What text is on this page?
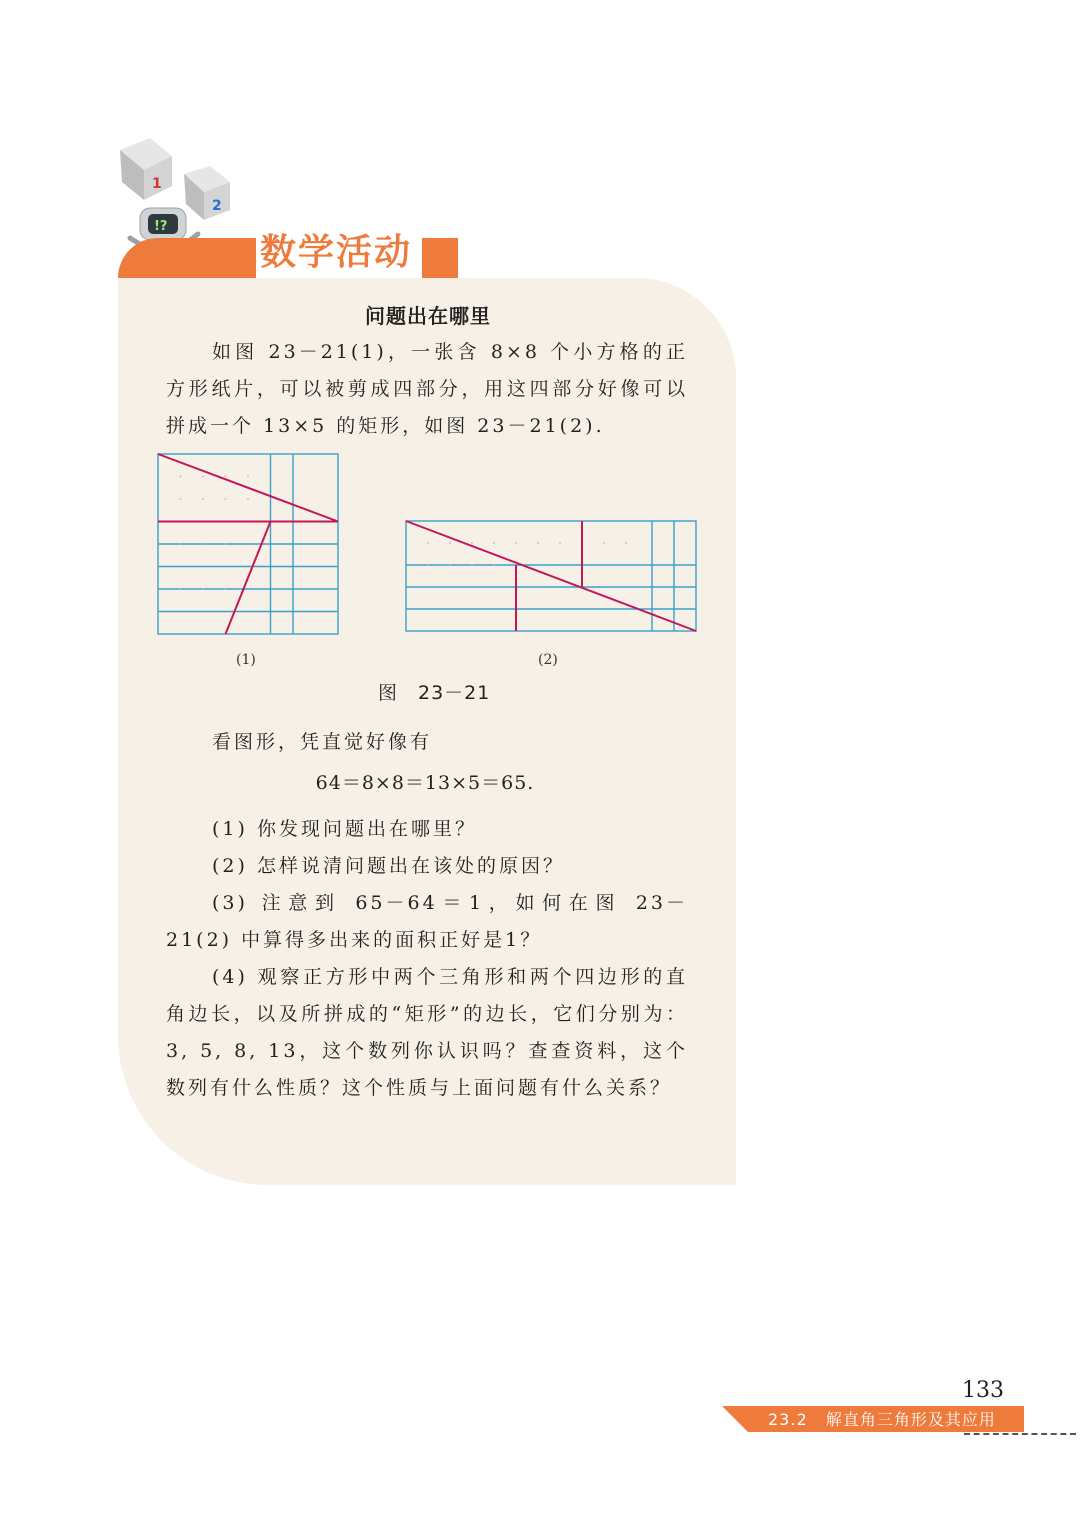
1
2
!?
数学活动
问题出在哪里

如图 23－21(1)，一张含 8×8 个小方格的正方形纸片，可以被剪成四部分，用这四部分好像可以拼成一个 13×5 的矩形，如图 23－21(2).

(1)	(2)
图　23－21

看图形，凭直觉好像有

64＝8×8＝13×5＝65.

(1) 你发现问题出在哪里？

(2) 怎样说清问题出在该处的原因？

(3) 注意到 65－64＝1，如何在图 23－21(2) 中算得多出来的面积正好是1？

(4) 观察正方形中两个三角形和两个四边形的直角边长，以及所拼成的“矩形”的边长，它们分别为：3, 5, 8, 13，这个数列你认识吗？查查资料，这个数列有什么性质？这个性质与上面问题有什么关系？

133
23.2 解直角三角形及其应用
